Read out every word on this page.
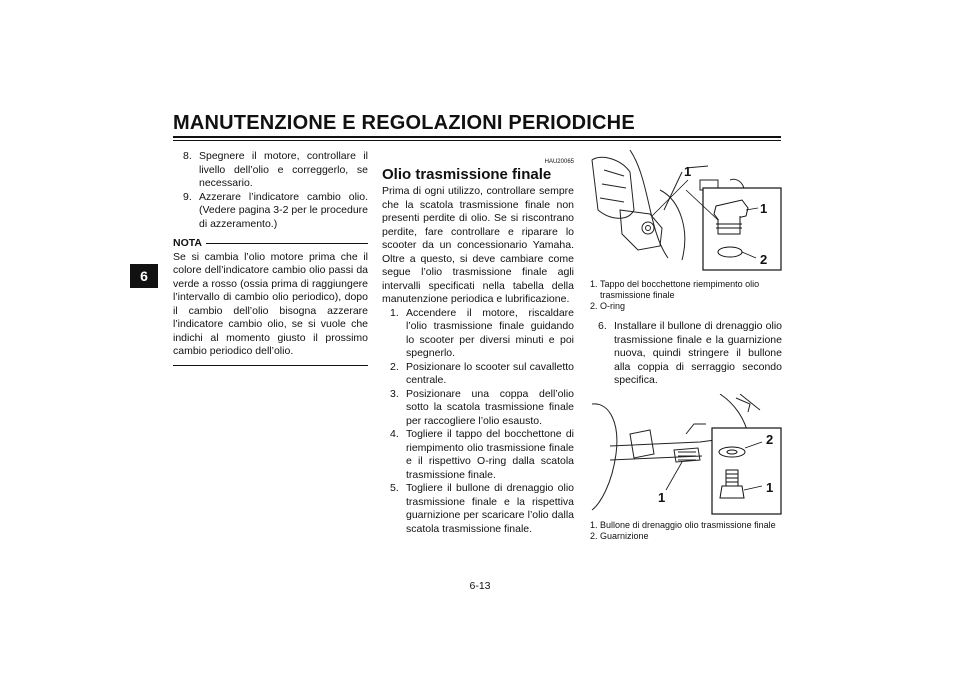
MANUTENZIONE E REGOLAZIONI PERIODICHE
6
8. Spegnere il motore, controllare il livello dell’olio e correggerlo, se necessario.
9. Azzerare l’indicatore cambio olio. (Vedere pagina 3-2 per le procedure di azzeramento.)
NOTA

Se si cambia l’olio motore prima che il colore dell’indicatore cambio olio passi da verde a rosso (ossia prima di raggiungere l’intervallo di cambio olio periodico), dopo il cambio dell’olio bisogna azzerare l’indicatore cambio olio, se si vuole che indichi al momento giusto il prossimo cambio periodico dell’olio.

HAU20065
Olio trasmissione finale

Prima di ogni utilizzo, controllare sempre che la scatola trasmissione finale non presenti perdite di olio. Se si riscontrano perdite, fare controllare e riparare lo scooter da un concessionario Yamaha. Oltre a questo, si deve cambiare come segue l’olio trasmissione finale agli intervalli specificati nella tabella della manutenzione periodica e lubrificazione.

1. Accendere il motore, riscaldare l’olio trasmissione finale guidando lo scooter per diversi minuti e poi spegnerlo.
2. Posizionare lo scooter sul cavalletto centrale.
3. Posizionare una coppa dell’olio sotto la scatola trasmissione finale per raccogliere l’olio esausto.
4. Togliere il tappo del bocchettone di riempimento olio trasmissione finale e il rispettivo O-ring dalla scatola trasmissione finale.
5. Togliere il bullone di drenaggio olio trasmissione finale e la rispettiva guarnizione per scaricare l’olio dalla scatola trasmissione finale.
1
1
2
1. Tappo del bocchettone riempimento olio trasmissione finale
2. O-ring
6. Installare il bullone di drenaggio olio trasmissione finale e la guarnizione nuova, quindi stringere il bullone alla coppia di serraggio secondo specifica.
2
1
1
1. Bullone di drenaggio olio trasmissione finale
2. Guarnizione
6-13
